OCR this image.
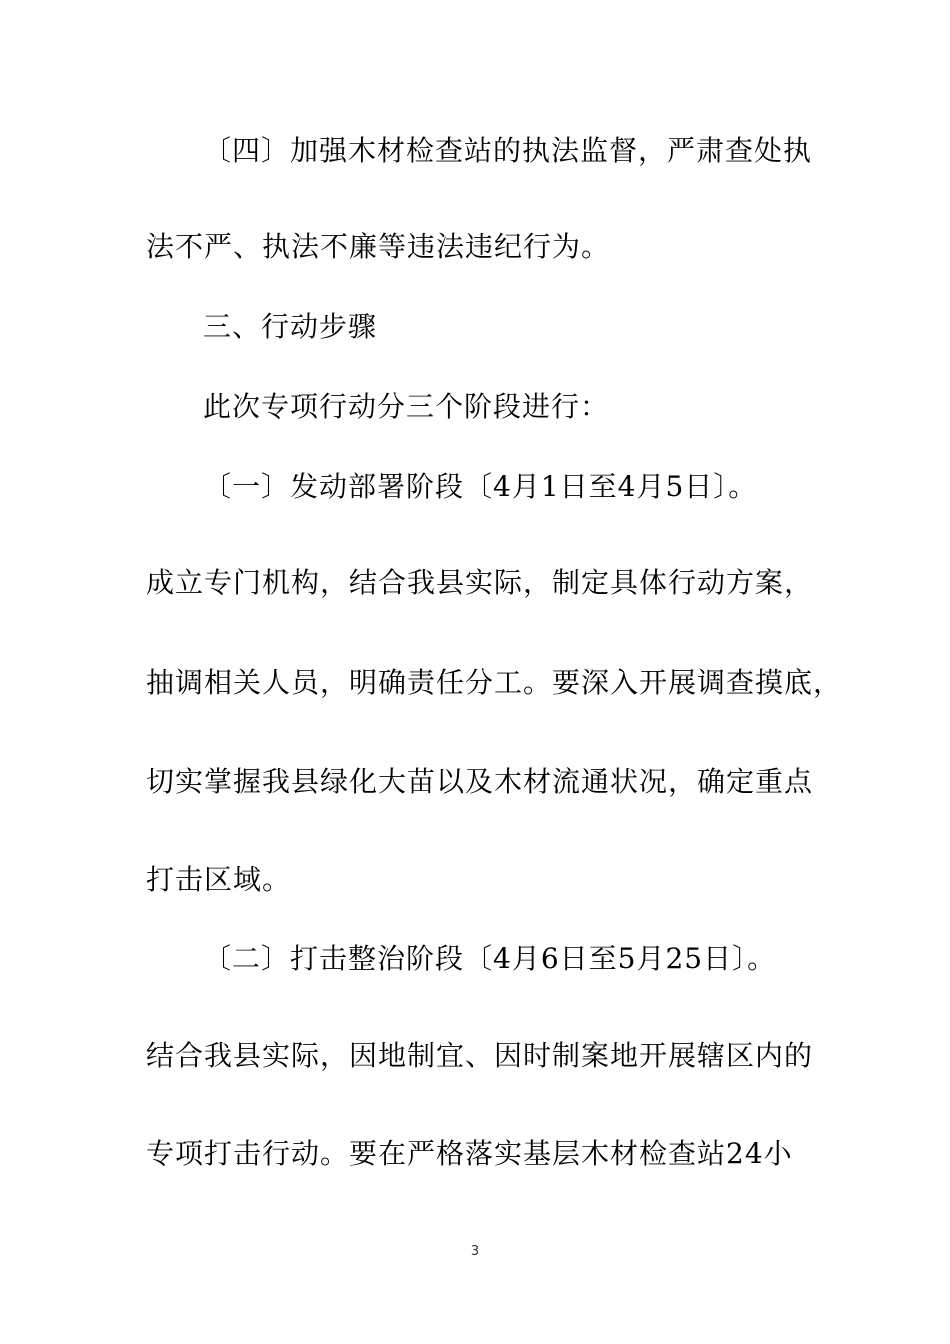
〔四〕加强木材检查站的执法监督，严肃查处执
法不严、执法不廉等违法违纪行为。
三、行动步骤
此次专项行动分三个阶段进行：
〔一〕发动部署阶段〔4月1日至4月5日〕。
成立专门机构，结合我县实际，制定具体行动方案，
抽调相关人员，明确责任分工。要深入开展调查摸底，
切实掌握我县绿化大苗以及木材流通状况，确定重点
打击区域。
〔二〕打击整治阶段〔4月6日至5月25日〕。
结合我县实际，因地制宜、因时制案地开展辖区内的
专项打击行动。要在严格落实基层木材检查站24小
3
